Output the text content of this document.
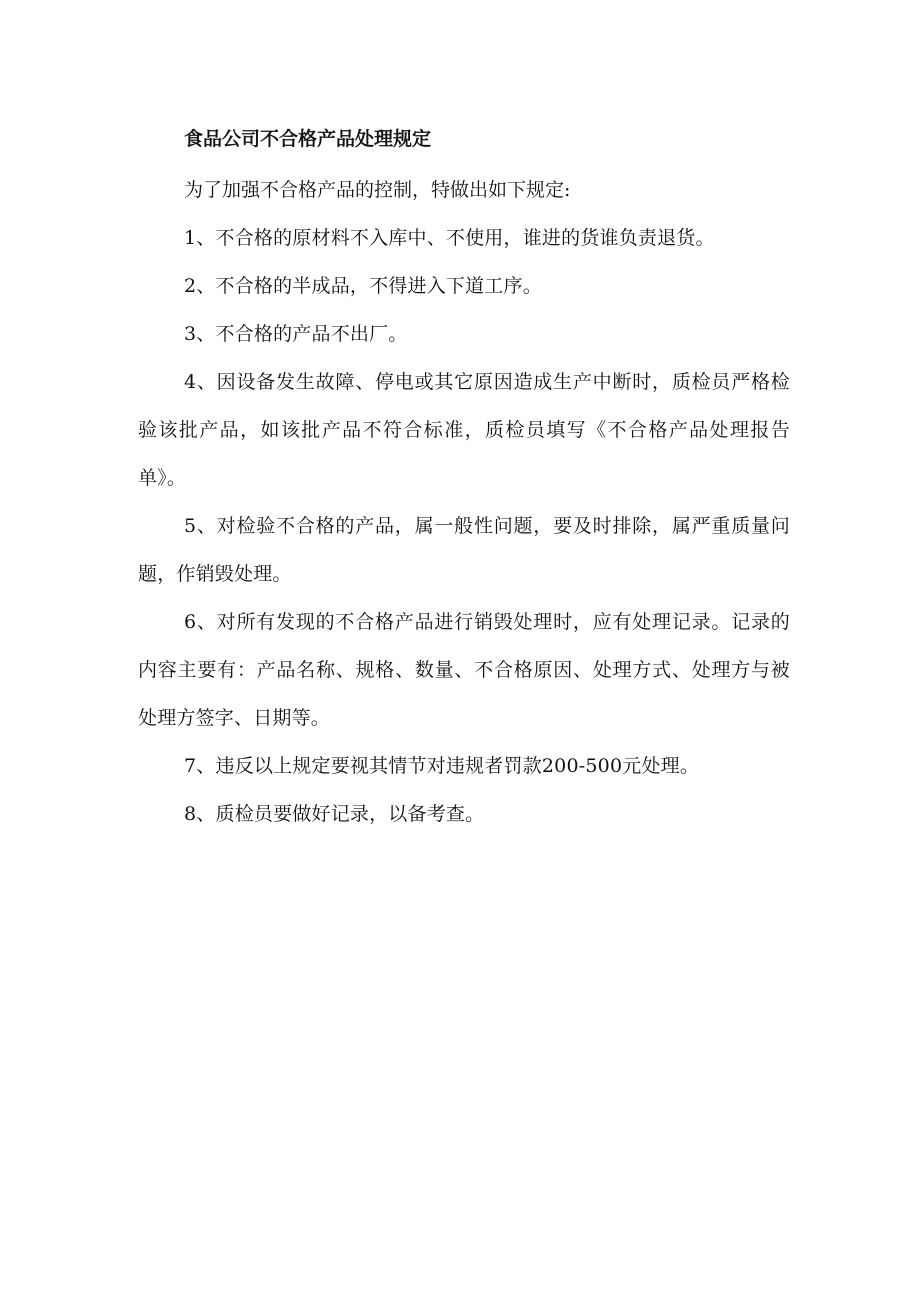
食品公司不合格产品处理规定

为了加强不合格产品的控制，特做出如下规定:

1、不合格的原材料不入库中、不使用，谁进的货谁负责退货。

2、不合格的半成品，不得进入下道工序。

3、不合格的产品不出厂。

4、因设备发生故障、停电或其它原因造成生产中断时，质检员严格检验该批产品，如该批产品不符合标准，质检员填写《不合格产品处理报告单》。

5、对检验不合格的产品，属一般性问题，要及时排除，属严重质量问题，作销毁处理。

6、对所有发现的不合格产品进行销毁处理时，应有处理记录。记录的内容主要有：产品名称、规格、数量、不合格原因、处理方式、处理方与被处理方签字、日期等。

7、违反以上规定要视其情节对违规者罚款200-500元处理。

8、质检员要做好记录，以备考查。
